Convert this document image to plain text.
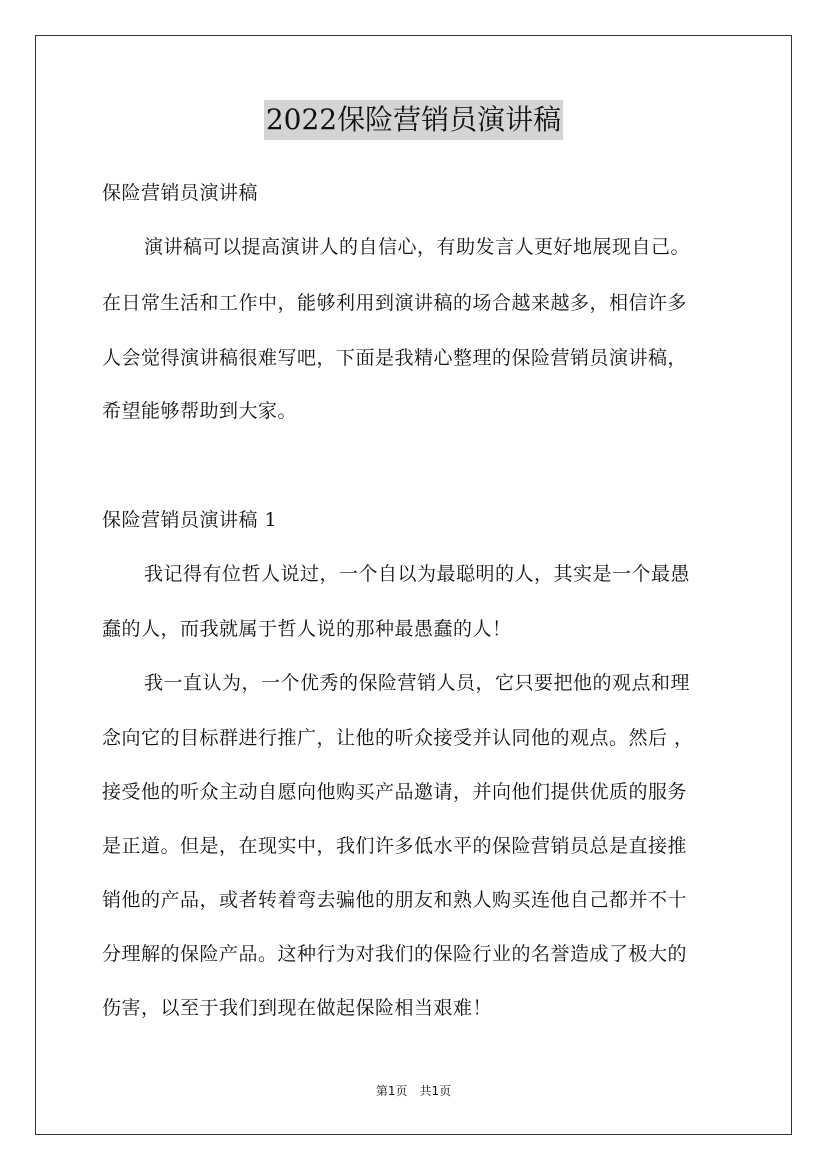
2022保险营销员演讲稿
保险营销员演讲稿
演讲稿可以提高演讲人的自信心，有助发言人更好地展现自己。
在日常生活和工作中，能够利用到演讲稿的场合越来越多，相信许多
人会觉得演讲稿很难写吧，下面是我精心整理的保险营销员演讲稿，
希望能够帮助到大家。
保险营销员演讲稿 1
我记得有位哲人说过，一个自以为最聪明的人，其实是一个最愚
蠢的人，而我就属于哲人说的那种最愚蠢的人！
我一直认为，一个优秀的保险营销人员，它只要把他的观点和理
念向它的目标群进行推广，让他的听众接受并认同他的观点。然后 ，
接受他的听众主动自愿向他购买产品邀请，并向他们提供优质的服务
是正道。但是，在现实中，我们许多低水平的保险营销员总是直接推
销他的产品，或者转着弯去骗他的朋友和熟人购买连他自己都并不十
分理解的保险产品。这种行为对我们的保险行业的名誉造成了极大的
伤害，以至于我们到现在做起保险相当艰难！
第1页 共1页
